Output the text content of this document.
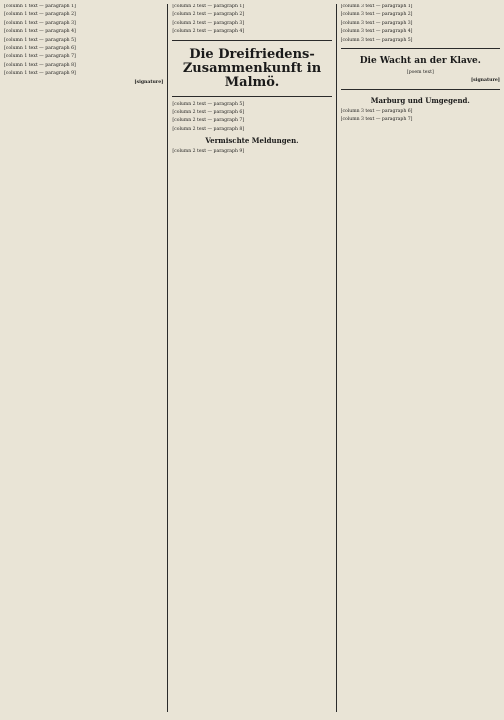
[column 1 text — paragraph 1]

[column 1 text — paragraph 2]

[column 1 text — paragraph 3]

[column 1 text — paragraph 4]

[column 1 text — paragraph 5]

[column 1 text — paragraph 6]

[column 1 text — paragraph 7]

[column 1 text — paragraph 8]

[column 1 text — paragraph 9]

[signature]

[column 2 text — paragraph 1]

[column 2 text — paragraph 2]

[column 2 text — paragraph 3]

[column 2 text — paragraph 4]

Die Dreifriedens-Zusammenkunft in Malmö.

[column 2 text — paragraph 5]

[column 2 text — paragraph 6]

[column 2 text — paragraph 7]

[column 2 text — paragraph 8]

Vermischte Meldungen.

[column 2 text — paragraph 9]

[column 3 text — paragraph 1]

[column 3 text — paragraph 2]

[column 3 text — paragraph 3]

[column 3 text — paragraph 4]

[column 3 text — paragraph 5]

Die Wacht an der Klave.

[poem text]

[signature]

Marburg und Umgegend.

[column 3 text — paragraph 6]

[column 3 text — paragraph 7]
